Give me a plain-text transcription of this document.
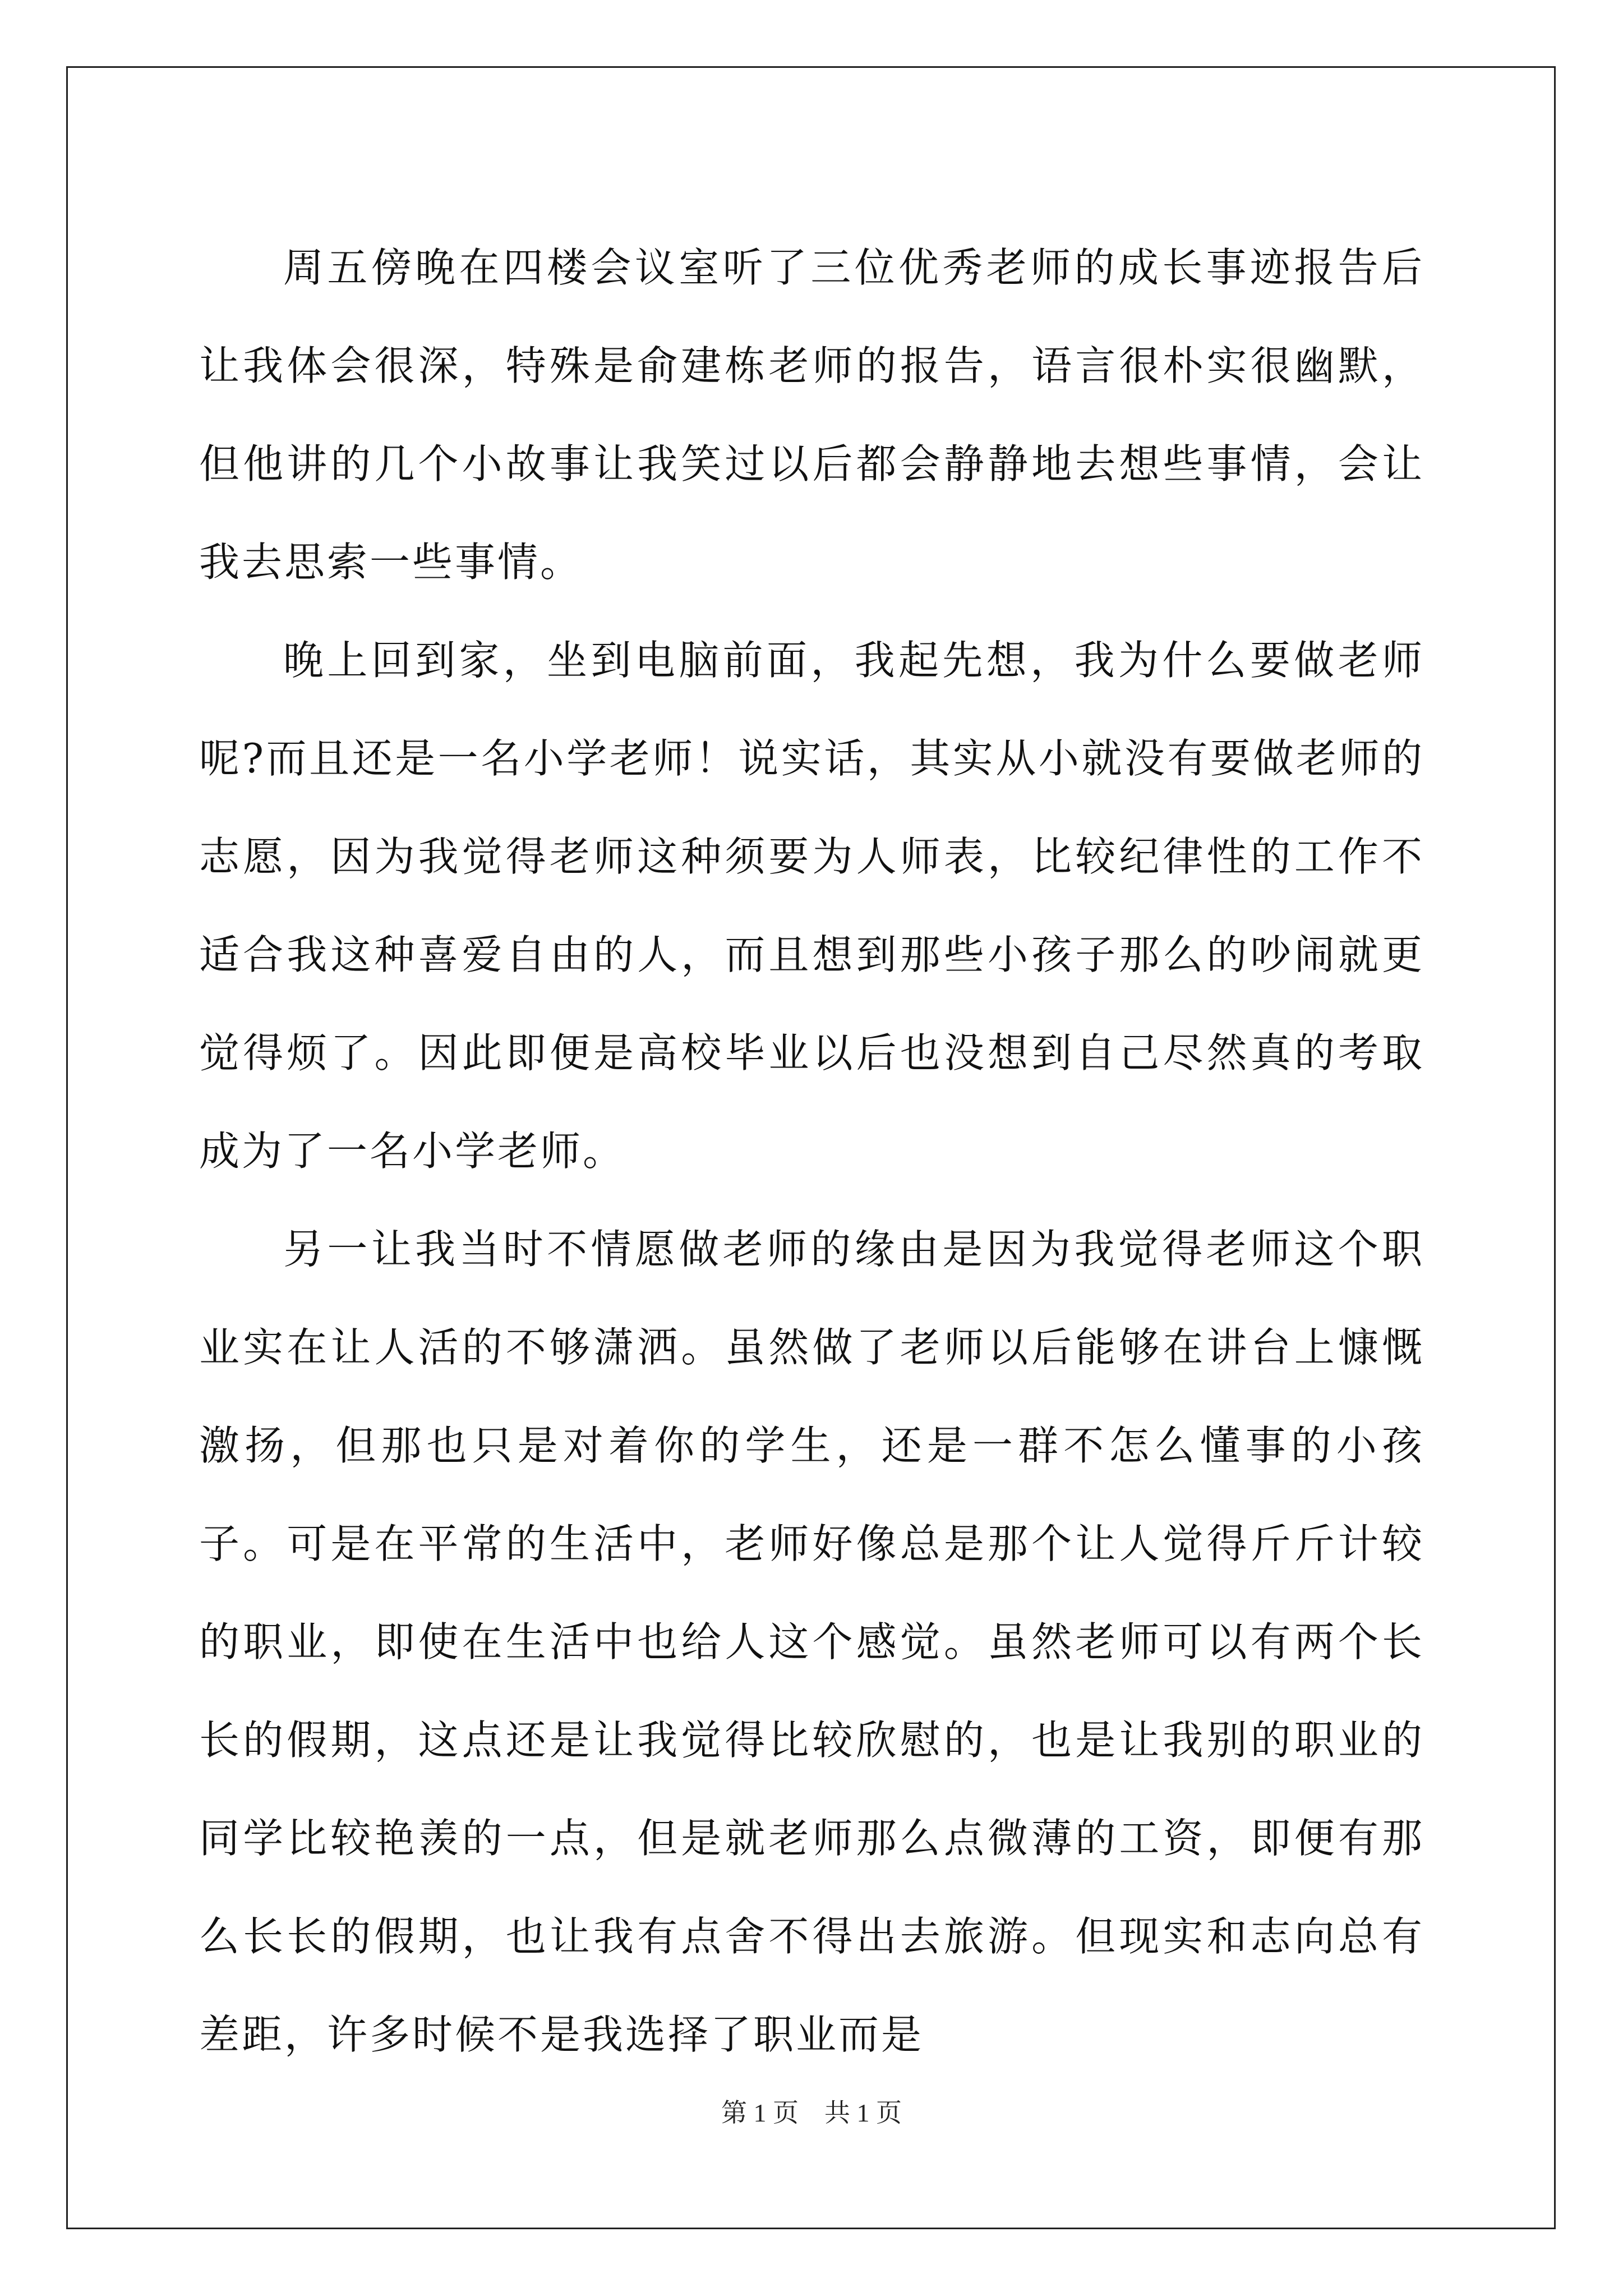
周五傍晚在四楼会议室听了三位优秀老师的成长事迹报告后让我体会很深，特殊是俞建栋老师的报告，语言很朴实很幽默，但他讲的几个小故事让我笑过以后都会静静地去想些事情，会让我去思索一些事情。

晚上回到家，坐到电脑前面，我起先想，我为什么要做老师呢?而且还是一名小学老师！说实话，其实从小就没有要做老师的志愿，因为我觉得老师这种须要为人师表，比较纪律性的工作不适合我这种喜爱自由的人，而且想到那些小孩子那么的吵闹就更觉得烦了。因此即便是高校毕业以后也没想到自己尽然真的考取成为了一名小学老师。

另一让我当时不情愿做老师的缘由是因为我觉得老师这个职业实在让人活的不够潇洒。虽然做了老师以后能够在讲台上慷慨激扬，但那也只是对着你的学生，还是一群不怎么懂事的小孩子。可是在平常的生活中，老师好像总是那个让人觉得斤斤计较的职业，即使在生活中也给人这个感觉。虽然老师可以有两个长长的假期，这点还是让我觉得比较欣慰的，也是让我别的职业的同学比较艳羡的一点，但是就老师那么点微薄的工资，即便有那么长长的假期，也让我有点舍不得出去旅游。但现实和志向总有差距，许多时候不是我选择了职业而是

第 1 页    共 1 页
